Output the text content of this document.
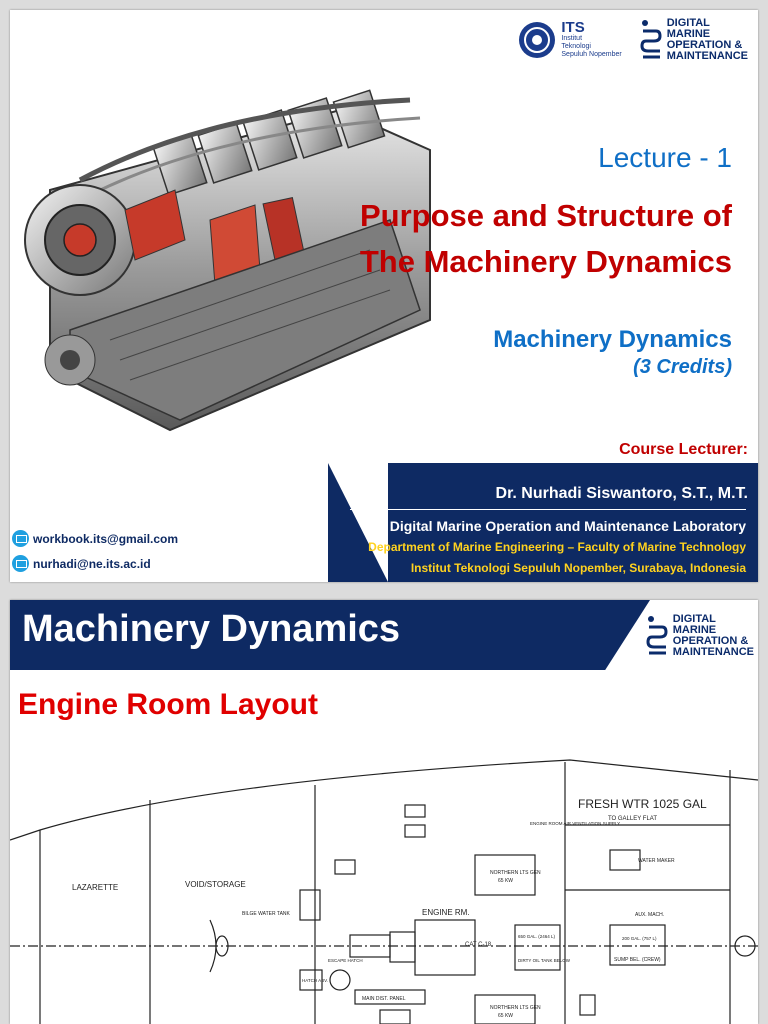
ITS
Institut
Teknologi
Sepuluh Nopember
DIGITAL
MARINE
OPERATION &
MAINTENANCE
Lecture - 1
Purpose and Structure of
The Machinery Dynamics
Machinery Dynamics
(3 Credits)
Course Lecturer:
Dr. Nurhadi Siswantoro, S.T., M.T.
Digital Marine Operation and Maintenance Laboratory
Department of Marine Engineering – Faculty of Marine Technology
Institut Teknologi Sepuluh Nopember, Surabaya, Indonesia
workbook.its@gmail.com
nurhadi@ne.its.ac.id
Machinery Dynamics	DIGITAL
MARINE
OPERATION &
MAINTENANCE
Engine Room Layout
FRESH WTR 1025 GAL
TO GALLEY FLAT
LAZARETTE	VOID/STORAGE
BILGE WATER TANK	ENGINE RM.
ENGINE ROOM AIR VENTILATION SUPPLY
NORTHERN LTS GEN
65 KW
NORTHERN LTS GEN
65 KW
CAT C-18
650 GAL. (2464 L)
DIRTY OIL TANK BELOW
200 GAL. (757 L)
SUMP BEL. (CREW)
WATER MAKER
AUX. MACH.
HATCH ABV.
ESCAPE HATCH
MAIN DIST. PANEL
